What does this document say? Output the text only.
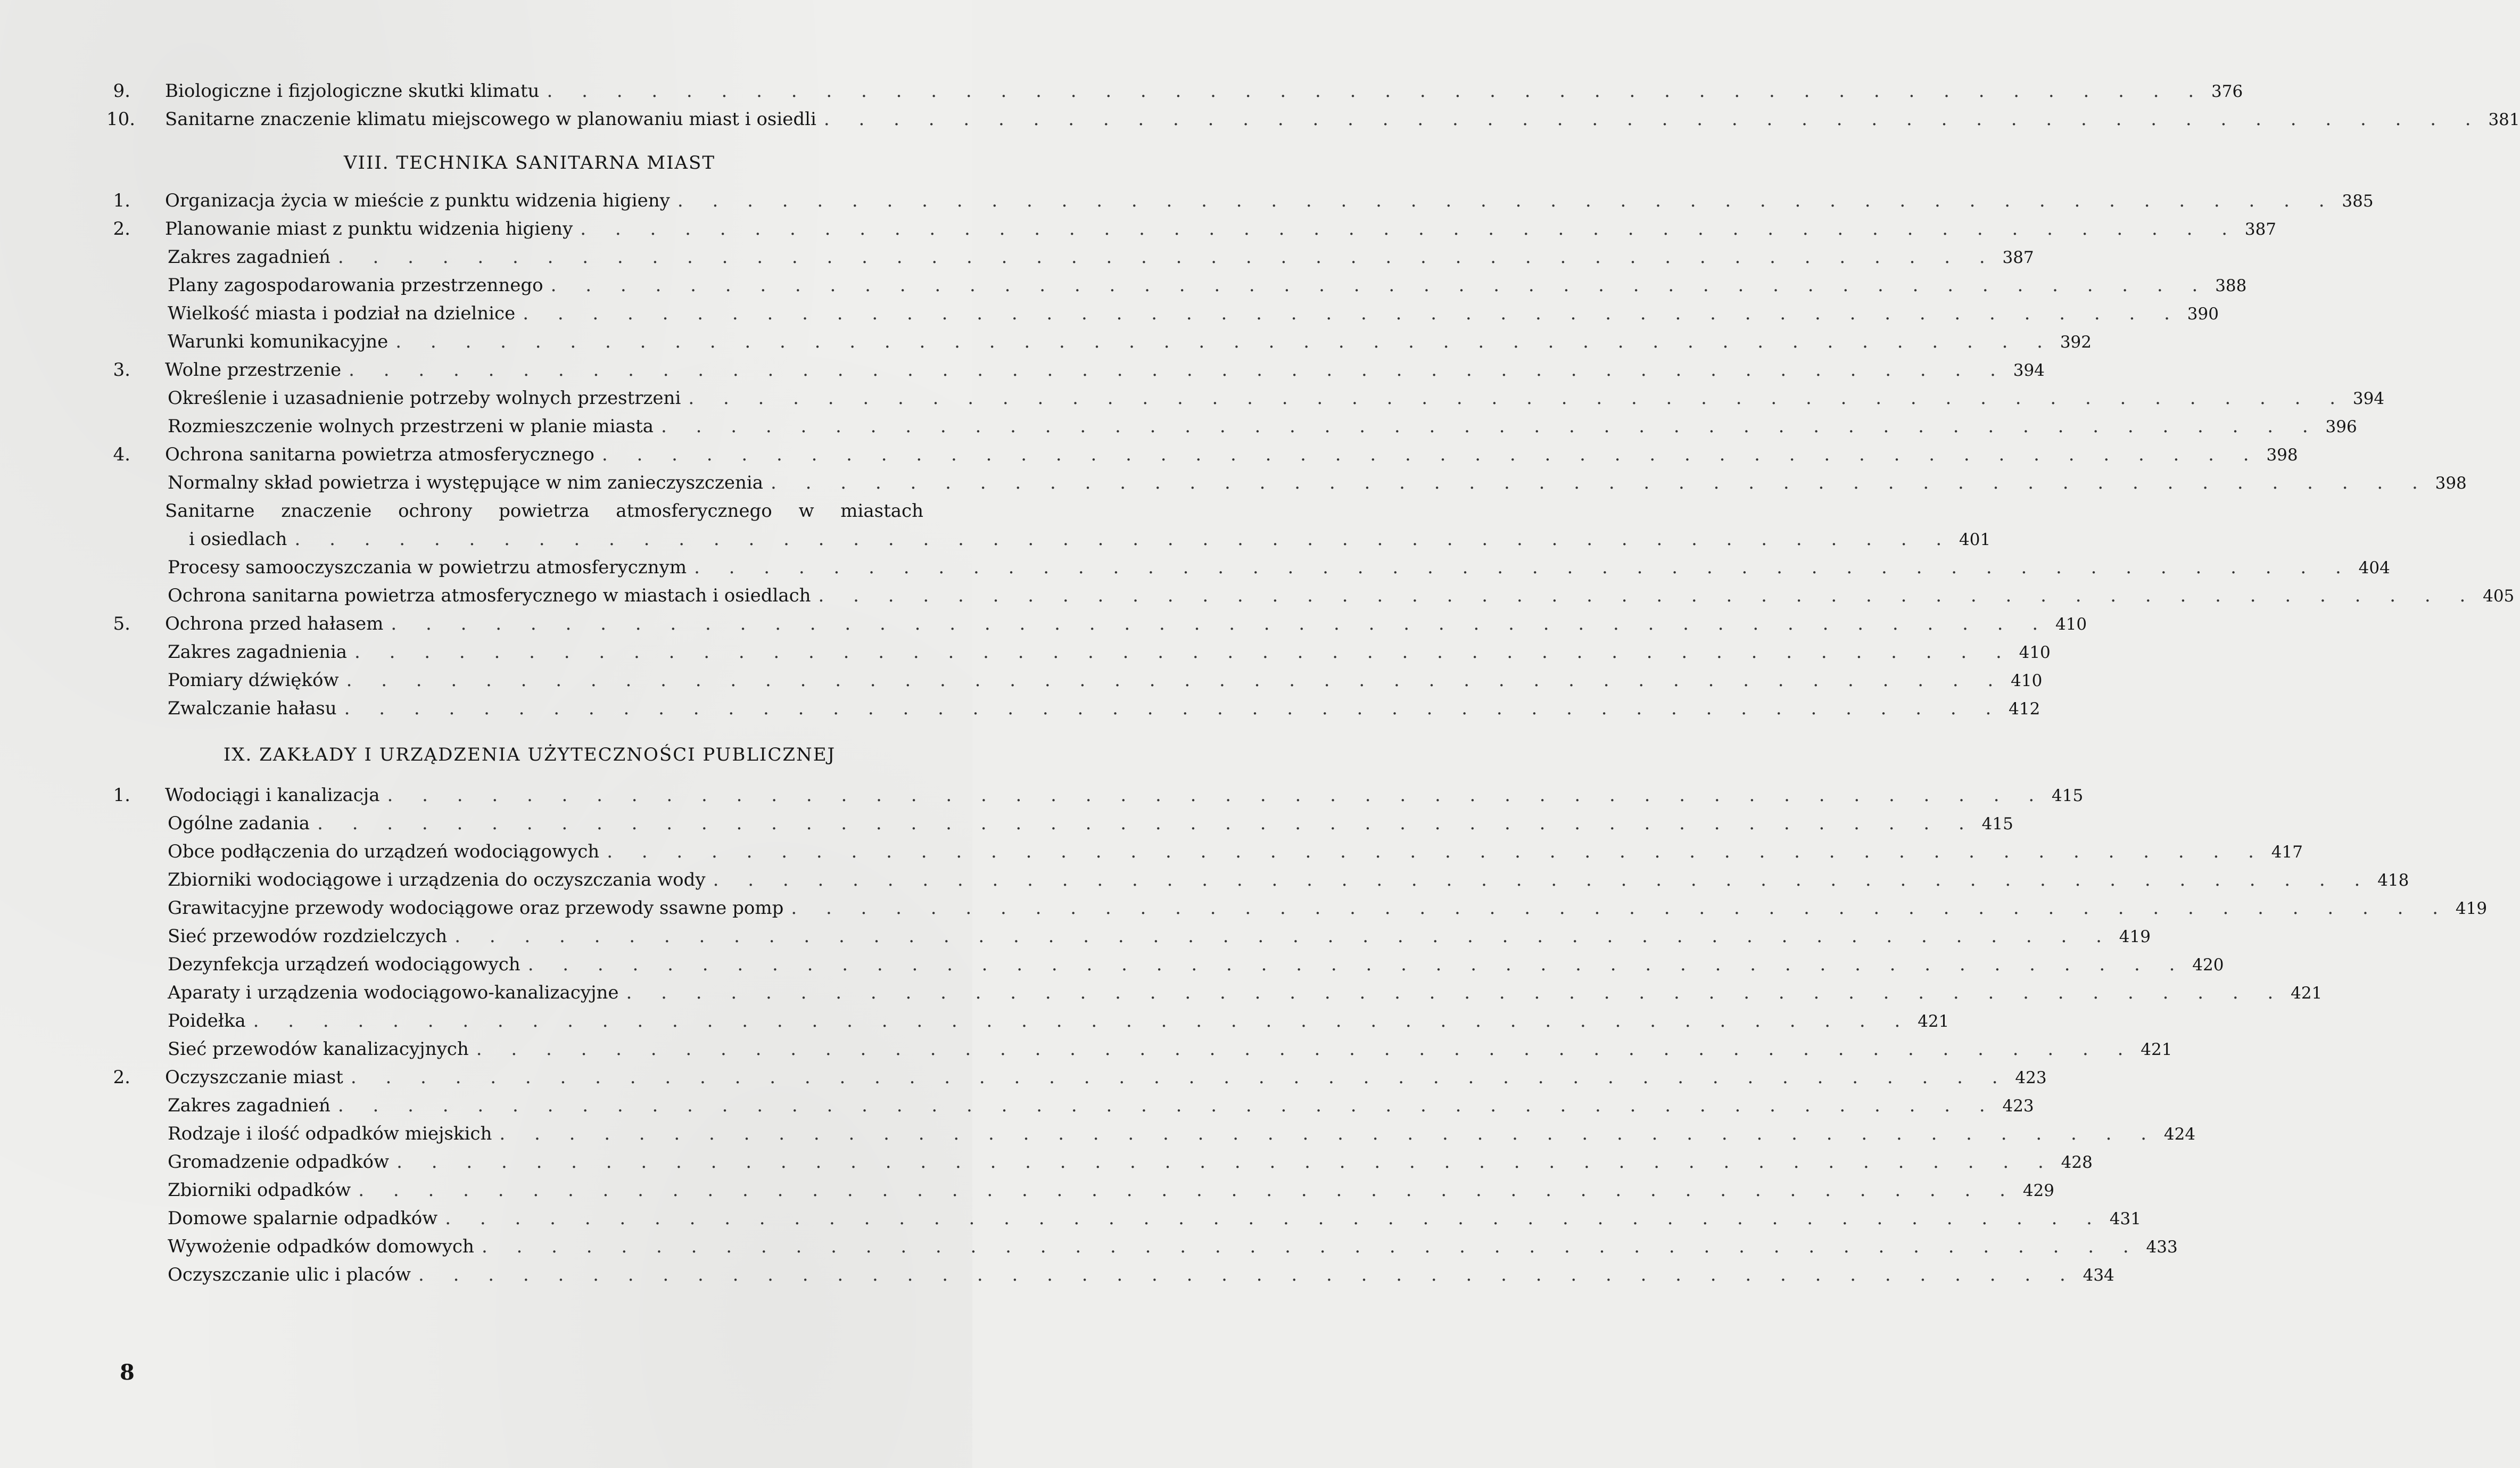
9.	Biologiczne i fizjologiczne skutki klimatu . . . . . . . . . . . . . . . . . . . . . . . . . . . . . . . . . . . . . . . . . . . . . . . . 376
10.	Sanitarne znaczenie klimatu miejscowego w planowaniu miast i osiedli . . . . . . . . . . . . . . . . . . . . . . . . . . . . . . . . . . . . . . . . . . . . . . . . 381
VIII. TECHNIKA SANITARNA MIAST
1.	Organizacja życia w mieście z punktu widzenia higieny . . . . . . . . . . . . . . . . . . . . . . . . . . . . . . . . . . . . . . . . . . . . . . . . 385
2.	Planowanie miast z punktu widzenia higieny . . . . . . . . . . . . . . . . . . . . . . . . . . . . . . . . . . . . . . . . . . . . . . . . 387
Zakres zagadnień . . . . . . . . . . . . . . . . . . . . . . . . . . . . . . . . . . . . . . . . . . . . . . . . 387
Plany zagospodarowania przestrzennego . . . . . . . . . . . . . . . . . . . . . . . . . . . . . . . . . . . . . . . . . . . . . . . . 388
Wielkość miasta i podział na dzielnice . . . . . . . . . . . . . . . . . . . . . . . . . . . . . . . . . . . . . . . . . . . . . . . . 390
Warunki komunikacyjne . . . . . . . . . . . . . . . . . . . . . . . . . . . . . . . . . . . . . . . . . . . . . . . . 392
3.	Wolne przestrzenie . . . . . . . . . . . . . . . . . . . . . . . . . . . . . . . . . . . . . . . . . . . . . . . . 394
Określenie i uzasadnienie potrzeby wolnych przestrzeni . . . . . . . . . . . . . . . . . . . . . . . . . . . . . . . . . . . . . . . . . . . . . . . . 394
Rozmieszczenie wolnych przestrzeni w planie miasta . . . . . . . . . . . . . . . . . . . . . . . . . . . . . . . . . . . . . . . . . . . . . . . . 396
4.	Ochrona sanitarna powietrza atmosferycznego . . . . . . . . . . . . . . . . . . . . . . . . . . . . . . . . . . . . . . . . . . . . . . . . 398
Normalny skład powietrza i występujące w nim zanieczyszczenia . . . . . . . . . . . . . . . . . . . . . . . . . . . . . . . . . . . . . . . . . . . . . . . . 398
Sanitarne znaczenie ochrony powietrza atmosferycznego w miastach
i osiedlach . . . . . . . . . . . . . . . . . . . . . . . . . . . . . . . . . . . . . . . . . . . . . . . . 401
Procesy samooczyszczania w powietrzu atmosferycznym . . . . . . . . . . . . . . . . . . . . . . . . . . . . . . . . . . . . . . . . . . . . . . . . 404
Ochrona sanitarna powietrza atmosferycznego w miastach i osiedlach . . . . . . . . . . . . . . . . . . . . . . . . . . . . . . . . . . . . . . . . . . . . . . . . 405
5.	Ochrona przed hałasem . . . . . . . . . . . . . . . . . . . . . . . . . . . . . . . . . . . . . . . . . . . . . . . . 410
Zakres zagadnienia . . . . . . . . . . . . . . . . . . . . . . . . . . . . . . . . . . . . . . . . . . . . . . . . 410
Pomiary dźwięków . . . . . . . . . . . . . . . . . . . . . . . . . . . . . . . . . . . . . . . . . . . . . . . . 410
Zwalczanie hałasu . . . . . . . . . . . . . . . . . . . . . . . . . . . . . . . . . . . . . . . . . . . . . . . . 412
IX. ZAKŁADY I URZĄDZENIA UŻYTECZNOŚCI PUBLICZNEJ
1.	Wodociągi i kanalizacja . . . . . . . . . . . . . . . . . . . . . . . . . . . . . . . . . . . . . . . . . . . . . . . . 415
Ogólne zadania . . . . . . . . . . . . . . . . . . . . . . . . . . . . . . . . . . . . . . . . . . . . . . . . 415
Obce podłączenia do urządzeń wodociągowych . . . . . . . . . . . . . . . . . . . . . . . . . . . . . . . . . . . . . . . . . . . . . . . . 417
Zbiorniki wodociągowe i urządzenia do oczyszczania wody . . . . . . . . . . . . . . . . . . . . . . . . . . . . . . . . . . . . . . . . . . . . . . . . 418
Grawitacyjne przewody wodociągowe oraz przewody ssawne pomp . . . . . . . . . . . . . . . . . . . . . . . . . . . . . . . . . . . . . . . . . . . . . . . . 419
Sieć przewodów rozdzielczych . . . . . . . . . . . . . . . . . . . . . . . . . . . . . . . . . . . . . . . . . . . . . . . . 419
Dezynfekcja urządzeń wodociągowych . . . . . . . . . . . . . . . . . . . . . . . . . . . . . . . . . . . . . . . . . . . . . . . . 420
Aparaty i urządzenia wodociągowo-kanalizacyjne . . . . . . . . . . . . . . . . . . . . . . . . . . . . . . . . . . . . . . . . . . . . . . . . 421
Poidełka . . . . . . . . . . . . . . . . . . . . . . . . . . . . . . . . . . . . . . . . . . . . . . . . 421
Sieć przewodów kanalizacyjnych . . . . . . . . . . . . . . . . . . . . . . . . . . . . . . . . . . . . . . . . . . . . . . . . 421
2.	Oczyszczanie miast . . . . . . . . . . . . . . . . . . . . . . . . . . . . . . . . . . . . . . . . . . . . . . . . 423
Zakres zagadnień . . . . . . . . . . . . . . . . . . . . . . . . . . . . . . . . . . . . . . . . . . . . . . . . 423
Rodzaje i ilość odpadków miejskich . . . . . . . . . . . . . . . . . . . . . . . . . . . . . . . . . . . . . . . . . . . . . . . . 424
Gromadzenie odpadków . . . . . . . . . . . . . . . . . . . . . . . . . . . . . . . . . . . . . . . . . . . . . . . . 428
Zbiorniki odpadków . . . . . . . . . . . . . . . . . . . . . . . . . . . . . . . . . . . . . . . . . . . . . . . . 429
Domowe spalarnie odpadków . . . . . . . . . . . . . . . . . . . . . . . . . . . . . . . . . . . . . . . . . . . . . . . . 431
Wywożenie odpadków domowych . . . . . . . . . . . . . . . . . . . . . . . . . . . . . . . . . . . . . . . . . . . . . . . . 433
Oczyszczanie ulic i placów . . . . . . . . . . . . . . . . . . . . . . . . . . . . . . . . . . . . . . . . . . . . . . . . 434
8
